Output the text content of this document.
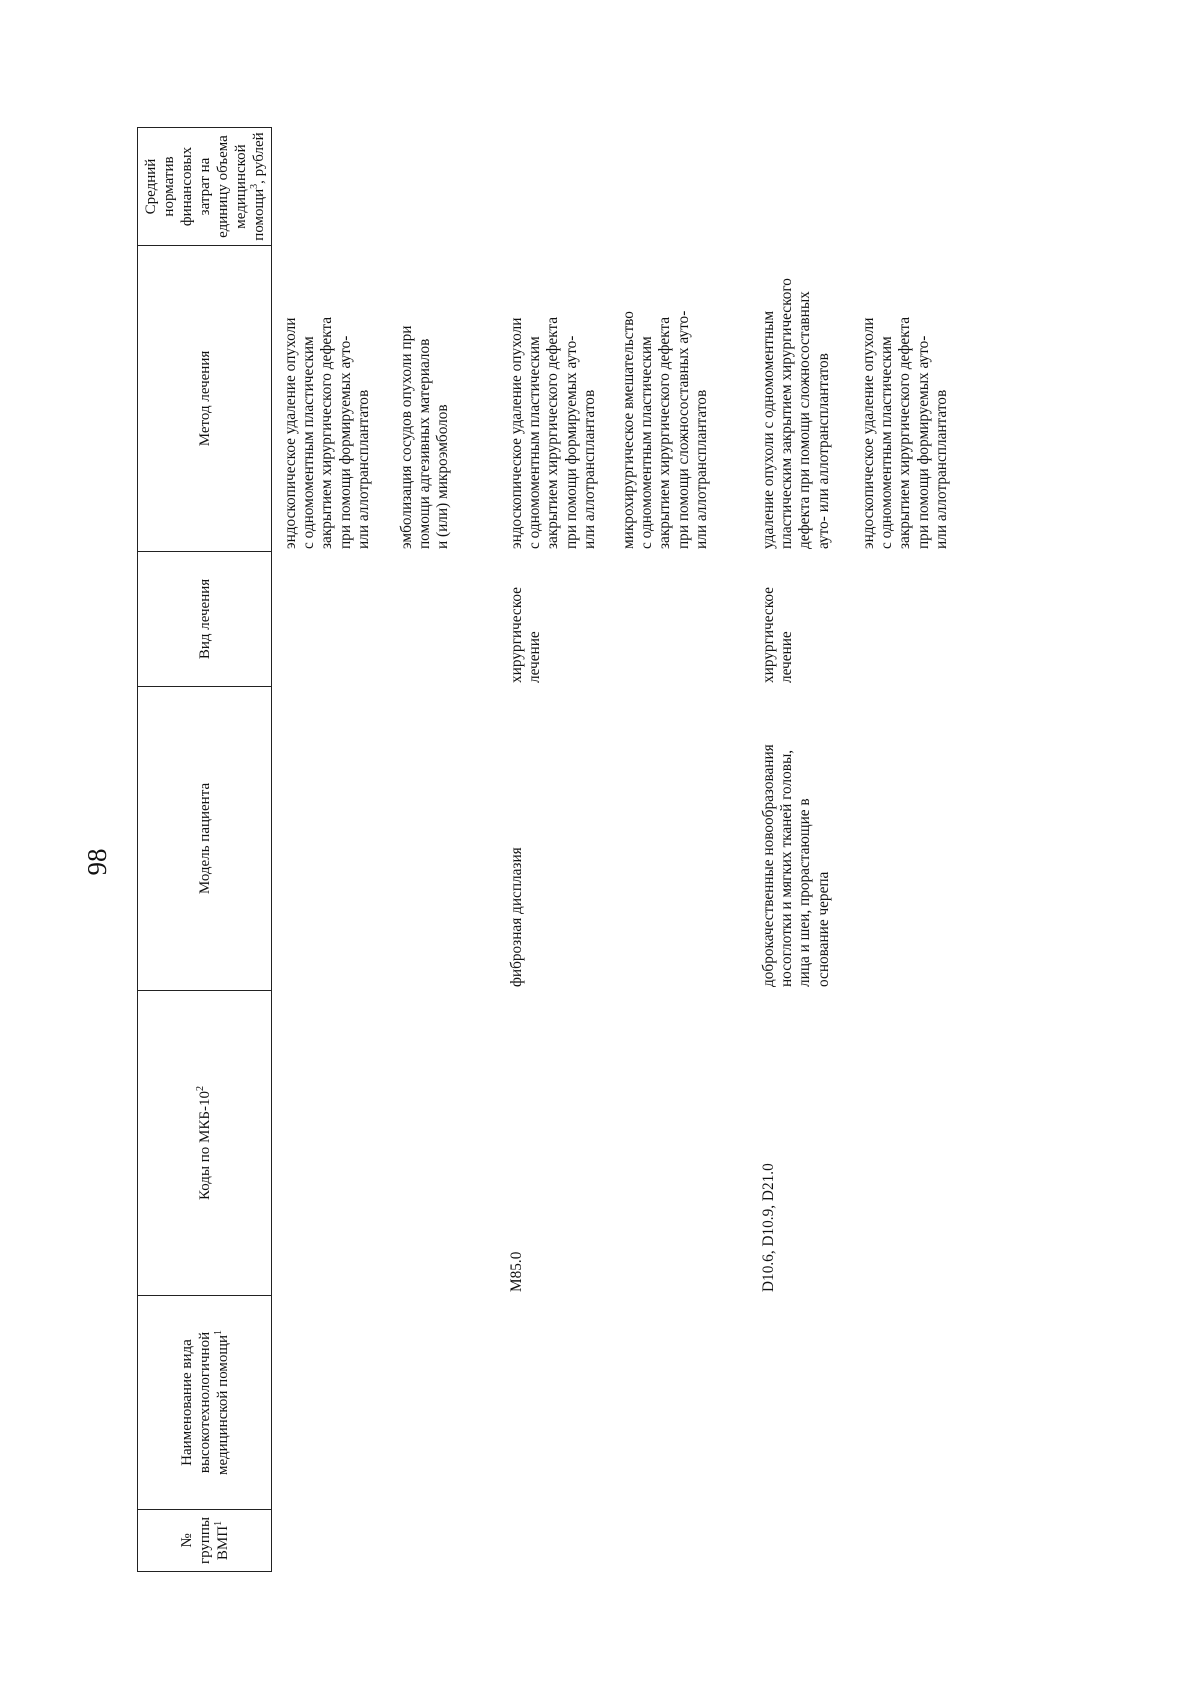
98
№ группы ВМП$^1$
Наименование вида высокотехнологичной медицинской помощи$^1$
Коды по МКБ-$10^2$
Модель пациента
Вид лечения
Метод лечения
Средний норматив финансовых затрат на единицу объема медицинской помощи$^3$, рублей
эндоскопическое удаление опухоли
с одномоментным пластическим
закрытием хирургического дефекта
при помощи формируемых ауто-
или аллотрансплантатов эмболизация сосудов опухоли при
помощи адгезивных материалов
и (или) микроэмболов
M85.0
фиброзная дисплазия
хирургическое
лечение
эндоскопическое удаление опухоли
с одномоментным пластическим
закрытием хирургического дефекта
при помощи формируемых ауто-
или аллотрансплантатов микрохирургическое вмешательство
с одномоментным пластическим
закрытием хирургического дефекта
при помощи сложносоставных ауто-
или аллотрансплантатов
D10.6, D10.9, D21.0
доброкачественные новообразования
носоглотки и мягких тканей головы,
лица и шеи, прорастающие в
основание черепа
хирургическое
лечение
удаление опухоли с одномоментным
пластическим закрытием хирургического
дефекта при помощи сложносоставных
ауто- или аллотрансплантатов
эндоскопическое удаление опухоли
с одномоментным пластическим
закрытием хирургического дефекта
при помощи формируемых ауто-
или аллотрансплантатов
